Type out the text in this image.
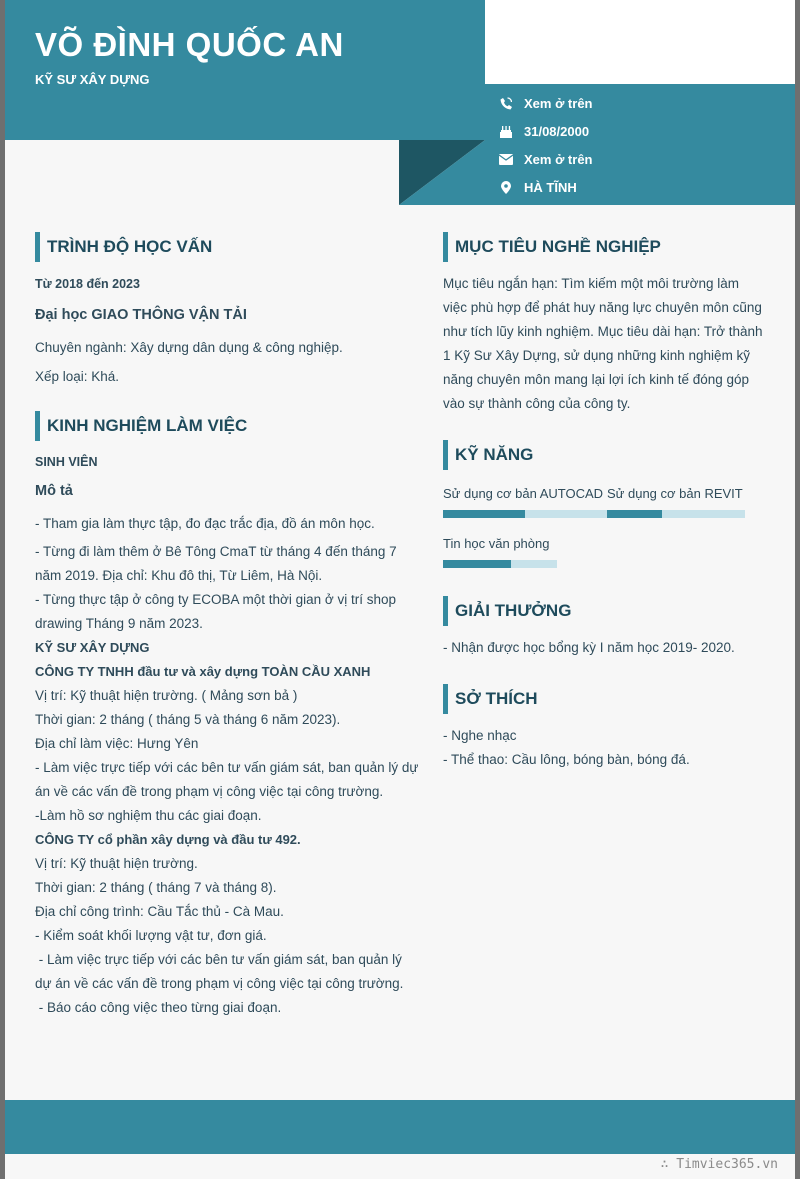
VÕ ĐÌNH QUỐC AN
KỸ SƯ XÂY DỰNG
Xem ở trên
31/08/2000
Xem ở trên
HÀ TĨNH
TRÌNH ĐỘ HỌC VẤN
Từ 2018 đến 2023
Đại học GIAO THÔNG VẬN TẢI
Chuyên ngành: Xây dựng dân dụng & công nghiệp.
Xếp loại: Khá.
KINH NGHIỆM LÀM VIỆC
SINH VIÊN
Mô tả
- Tham gia làm thực tập, đo đạc trắc địa, đồ án môn học.
- Từng đi làm thêm ở Bê Tông CmaT từ tháng 4 đến tháng 7 năm 2019. Địa chỉ: Khu đô thị, Từ Liêm, Hà Nội.
- Từng thực tập ở công ty ECOBA một thời gian ở vị trí shop drawing Tháng 9 năm 2023.
KỸ SƯ XÂY DỰNG
CÔNG TY TNHH đầu tư và xây dựng TOÀN CẦU XANH
Vị trí: Kỹ thuật hiện trường. ( Mảng sơn bả )
Thời gian: 2 tháng ( tháng 5 và tháng 6 năm 2023).
Địa chỉ làm việc: Hưng Yên
- Làm việc trực tiếp với các bên tư vấn giám sát, ban quản lý dự án về các vấn đề trong phạm vị công việc tại công trường.
-Làm hồ sơ nghiệm thu các giai đoạn.
CÔNG TY cổ phần xây dựng và đầu tư 492.
Vị trí: Kỹ thuật hiện trường.
Thời gian: 2 tháng ( tháng 7 và tháng 8).
Địa chỉ công trình: Cầu Tắc thủ - Cà Mau.
- Kiểm soát khối lượng vật tư, đơn giá.
- Làm việc trực tiếp với các bên tư vấn giám sát, ban quản lý dự án về các vấn đề trong phạm vị công việc tại công trường.
- Báo cáo công việc theo từng giai đoạn.
MỤC TIÊU NGHỀ NGHIỆP
Mục tiêu ngắn hạn: Tìm kiếm một môi trường làm việc phù hợp để phát huy năng lực chuyên môn cũng như tích lũy kinh nghiệm. Mục tiêu dài hạn: Trở thành 1 Kỹ Sư Xây Dựng, sử dụng những kinh nghiệm kỹ năng chuyên môn mang lại lợi ích kinh tế đóng góp vào sự thành công của công ty.
KỸ NĂNG
Sử dụng cơ bản AUTOCAD Sử dụng cơ bản REVIT
Tin học văn phòng
GIẢI THƯỞNG
- Nhận được học bổng kỳ I năm học 2019- 2020.
SỞ THÍCH
- Nghe nhạc
- Thể thao: Cầu lông, bóng bàn, bóng đá.
∴ Timviec365.vn
